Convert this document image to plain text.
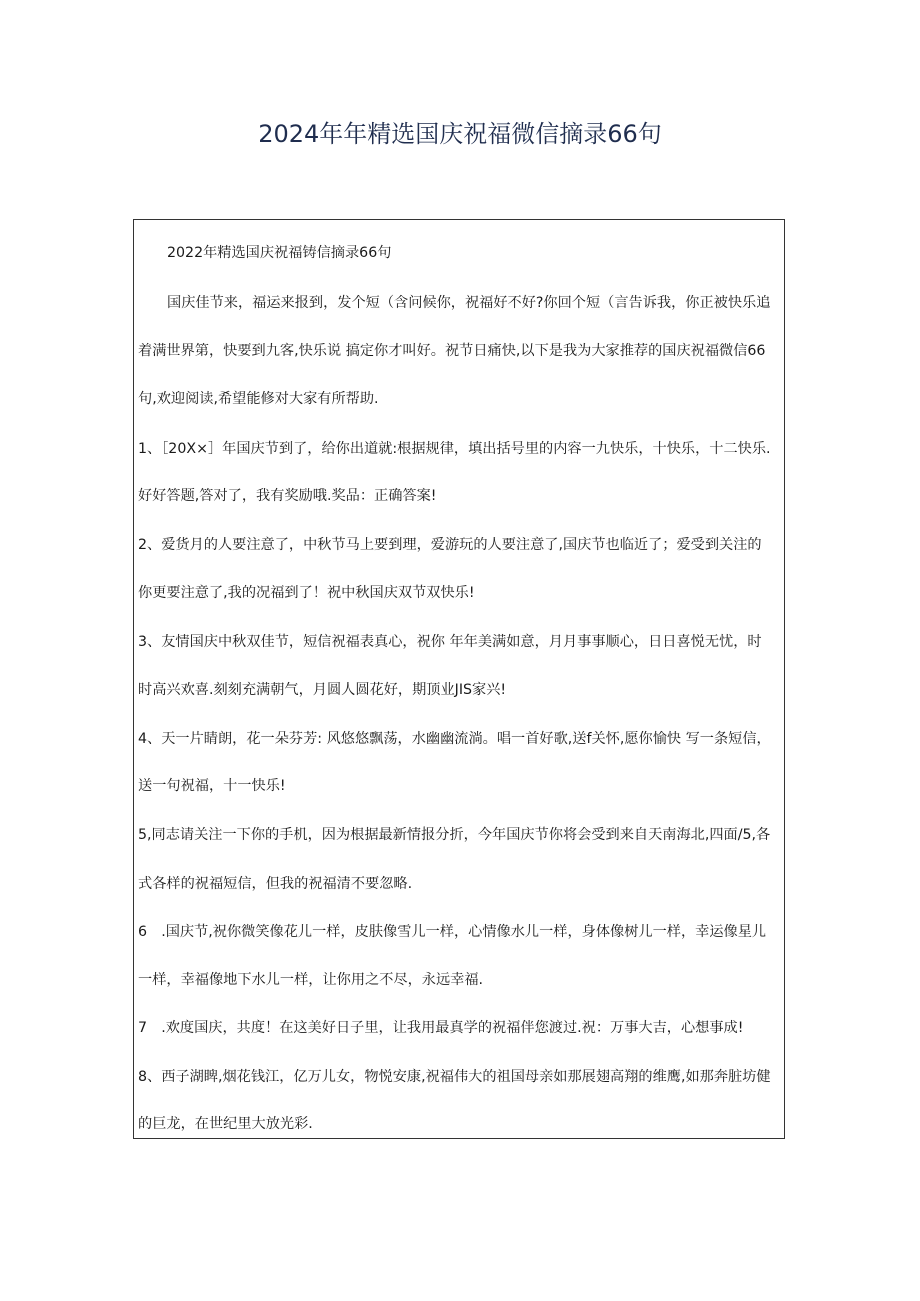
2024年年精选国庆祝福微信摘录66句

2022年精选国庆祝福铸信摘录66句

国庆佳节来，福运来报到，发个短（含问候你，祝福好不好?你回个短（言告诉我，你正被快乐追

着满世界第，快要到九客,快乐说 搞定你才叫好。祝节日痛快,以下是我为大家推荐的国庆祝福微信66

句,欢迎阅读,希望能修对大家有所帮助.

1、［20X×］年国庆节到了，给你出道就:根据规律，填出括号里的内容一九快乐，十快乐，十二快乐.

好好答题,答对了，我有奖励哦.奖品：正确答案!

2、爱货月的人要注意了，中秋节马上要到理，爱游玩的人要注意了,国庆节也临近了；爱受到关注的

你更要注意了,我的况福到了！祝中秋国庆双节双快乐!

3、友情国庆中秋双佳节，短信祝福表真心，祝你 年年美满如意，月月事事顺心，日日喜悦无忧，时

时高兴欢喜.刻刻充满朝气，月圆人圆花好，期顶业JIS家兴!

4、天一片睛朗，花一朵芬芳: 风悠悠飘荡，水幽幽流淌。唱一首好歌,送f关怀,愿你愉快 写一条短信，

送一句祝福，十一快乐!

5,同志请关注一下你的手机，因为根据最新情报分折，今年国庆节你将会受到来自天南海北,四面/5,各

式各样的祝福短信，但我的祝福清不要忽略.

6　.国庆节,祝你微笑像花儿一样，皮肤像雪儿一样，心情像水儿一样，身体像树儿一样，幸运像星儿

一样，幸福像地下水儿一样，让你用之不尽，永远幸福.

7　.欢度国庆，共度！在这美好日子里，让我用最真学的祝福伴您渡过.祝：万事大吉，心想事成!

8、西子湖睥,烟花钱江，亿万儿女，物悦安康,祝福伟大的祖国母亲如那展翅高翔的维鹰,如那奔脏坊健

的巨龙，在世纪里大放光彩.
